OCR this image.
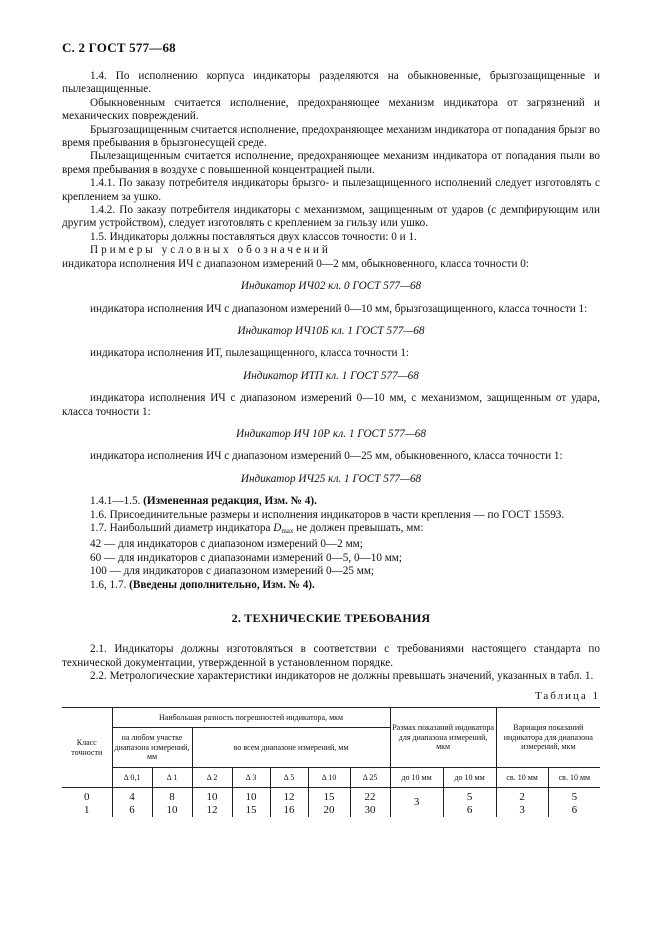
С. 2 ГОСТ 577—68

1.4. По исполнению корпуса индикаторы разделяются на обыкновенные, брызгозащищенные и пылезащищенные.

Обыкновенным считается исполнение, предохраняющее механизм индикатора от загрязнений и механических повреждений.

Брызгозащищенным считается исполнение, предохраняющее механизм индикатора от попадания брызг во время пребывания в брызгонесущей среде.

Пылезащищенным считается исполнение, предохраняющее механизм индикатора от попадания пыли во время пребывания в воздухе с повышенной концентрацией пыли.

1.4.1. По заказу потребителя индикаторы брызго- и пылезащищенного исполнений следует изготовлять с креплением за ушко.

1.4.2. По заказу потребителя индикаторы с механизмом, защищенным от ударов (с демпфирующим или другим устройством), следует изготовлять с креплением за гильзу или ушко.

1.5. Индикаторы должны поставляться двух классов точности: 0 и 1.

Примеры условных обозначений

индикатора исполнения ИЧ с диапазоном измерений 0—2 мм, обыкновенного, класса точности 0:

Индикатор ИЧ02 кл. 0 ГОСТ 577—68

индикатора исполнения ИЧ с диапазоном измерений 0—10 мм, брызгозащищенного, класса точности 1:

Индикатор ИЧ10Б кл. 1 ГОСТ 577—68

индикатора исполнения ИТ, пылезащищенного, класса точности 1:

Индикатор ИТП кл. 1 ГОСТ 577—68

индикатора исполнения ИЧ с диапазоном измерений 0—10 мм, с механизмом, защищенным от удара, класса точности 1:

Индикатор ИЧ 10Р кл. 1 ГОСТ 577—68

индикатора исполнения ИЧ с диапазоном измерений 0—25 мм, обыкновенного, класса точности 1:

Индикатор ИЧ25 кл. 1 ГОСТ 577—68

1.4.1—1.5. (Измененная редакция, Изм. № 4).

1.6. Присоединительные размеры и исполнения индикаторов в части крепления — по ГОСТ 15593.

1.7. Наибольший диаметр индикатора $D_{max}$ не должен превышать, мм:

42 — для индикаторов с диапазоном измерений 0—2 мм;

60 — для индикаторов с диапазонами измерений 0—5, 0—10 мм;

100 — для индикаторов с диапазоном измерений 0—25 мм;

1.6, 1.7. (Введены дополнительно, Изм. № 4).

2. ТЕХНИЧЕСКИЕ ТРЕБОВАНИЯ

2.1. Индикаторы должны изготовляться в соответствии с требованиями настоящего стандарта по технической документации, утвержденной в установленном порядке.

2.2. Метрологические характеристики индикаторов не должны превышать значений, указанных в табл. 1.

Таблица 1
Класс точности	Наибольшая разность погрешностей индикатора, мкм							Размах показаний индикатора для диапазона измерений, мкм		Вариация показаний индикатора для диапазона измерений, мкм	
	на любом участке диапазона измерений, мм		во всем диапазоне измерений, мм								
	Δ 0,1	Δ 1	Δ 2	Δ 3	Δ 5	Δ 10	Δ 25	до 10 мм	до 10 мм	св. 10 мм	св. 10 мм
0	4	8	10	10	12	15	22	3	5	2	5
1	6	10	12	15	16	20	30		6	3	6
